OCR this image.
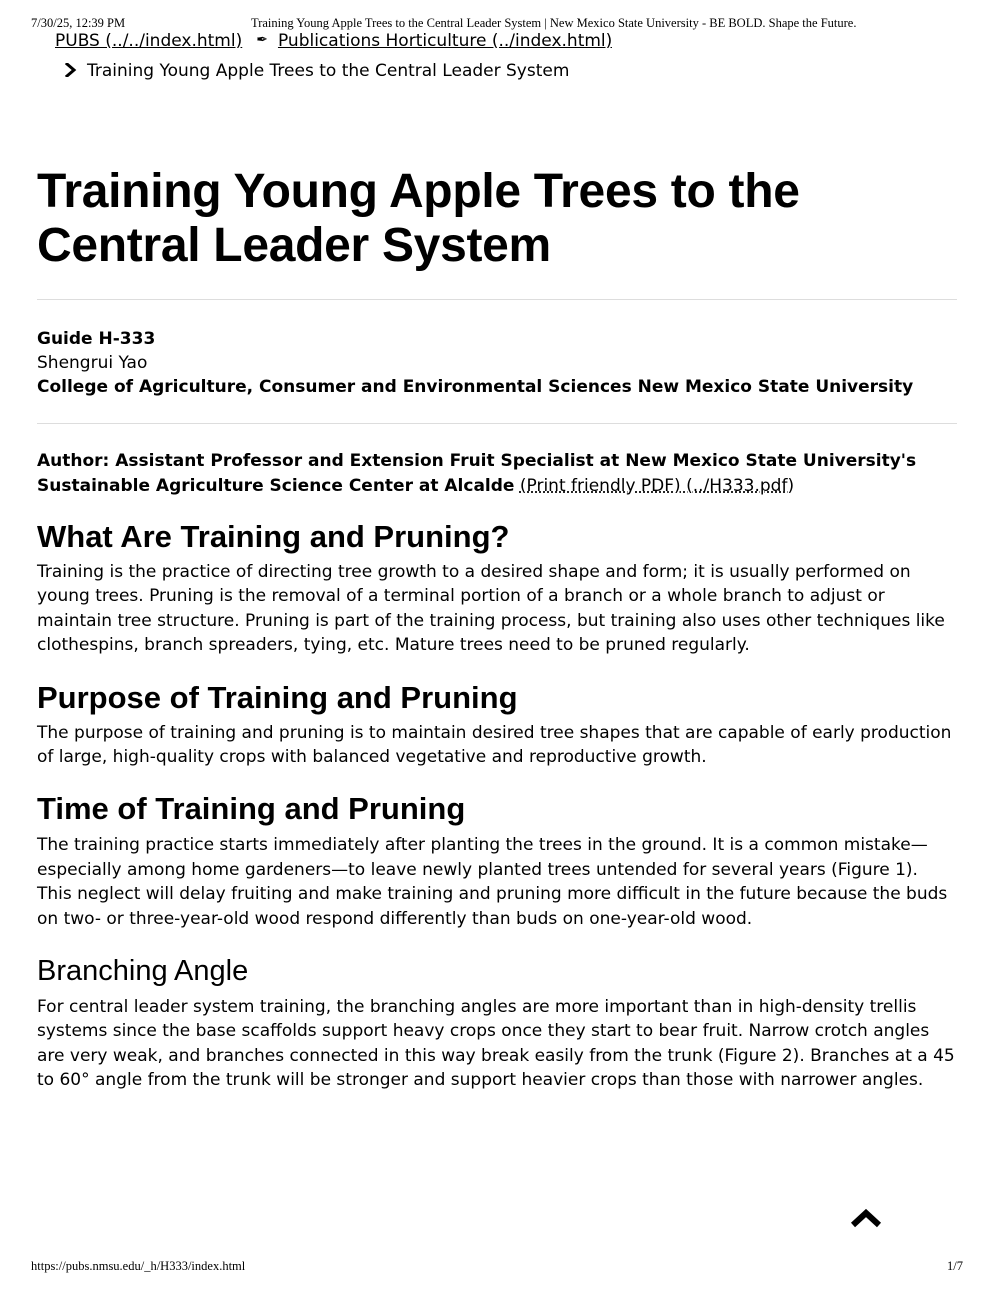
7/30/25, 12:39 PM	Training Young Apple Trees to the Central Leader System | New Mexico State University - BE BOLD. Shape the Future.
PUBS (../../index.html) ✒ Publications Horticulture (../index.html)
Training Young Apple Trees to the Central Leader System
Training Young Apple Trees to the Central Leader System
Guide H-333
Shengrui Yao
College of Agriculture, Consumer and Environmental Sciences New Mexico State University
Author: Assistant Professor and Extension Fruit Specialist at New Mexico State University's Sustainable Agriculture Science Center at Alcalde (Print friendly PDF) (../H333.pdf)
What Are Training and Pruning?

Training is the practice of directing tree growth to a desired shape and form; it is usually performed on young trees. Pruning is the removal of a terminal portion of a branch or a whole branch to adjust or maintain tree structure. Pruning is part of the training process, but training also uses other techniques like clothespins, branch spreaders, tying, etc. Mature trees need to be pruned regularly.

Purpose of Training and Pruning

The purpose of training and pruning is to maintain desired tree shapes that are capable of early production of large, high-quality crops with balanced vegetative and reproductive growth.

Time of Training and Pruning

The training practice starts immediately after planting the trees in the ground. It is a common mistake—especially among home gardeners—to leave newly planted trees untended for several years (Figure 1). This neglect will delay fruiting and make training and pruning more difficult in the future because the buds on two- or three-year-old wood respond differently than buds on one-year-old wood.

Branching Angle

For central leader system training, the branching angles are more important than in high-density trellis systems since the base scaffolds support heavy crops once they start to bear fruit. Narrow crotch angles are very weak, and branches connected in this way break easily from the trunk (Figure 2). Branches at a 45 to 60° angle from the trunk will be stronger and support heavier crops than those with narrower angles.

https://pubs.nmsu.edu/_h/H333/index.html	1/7
